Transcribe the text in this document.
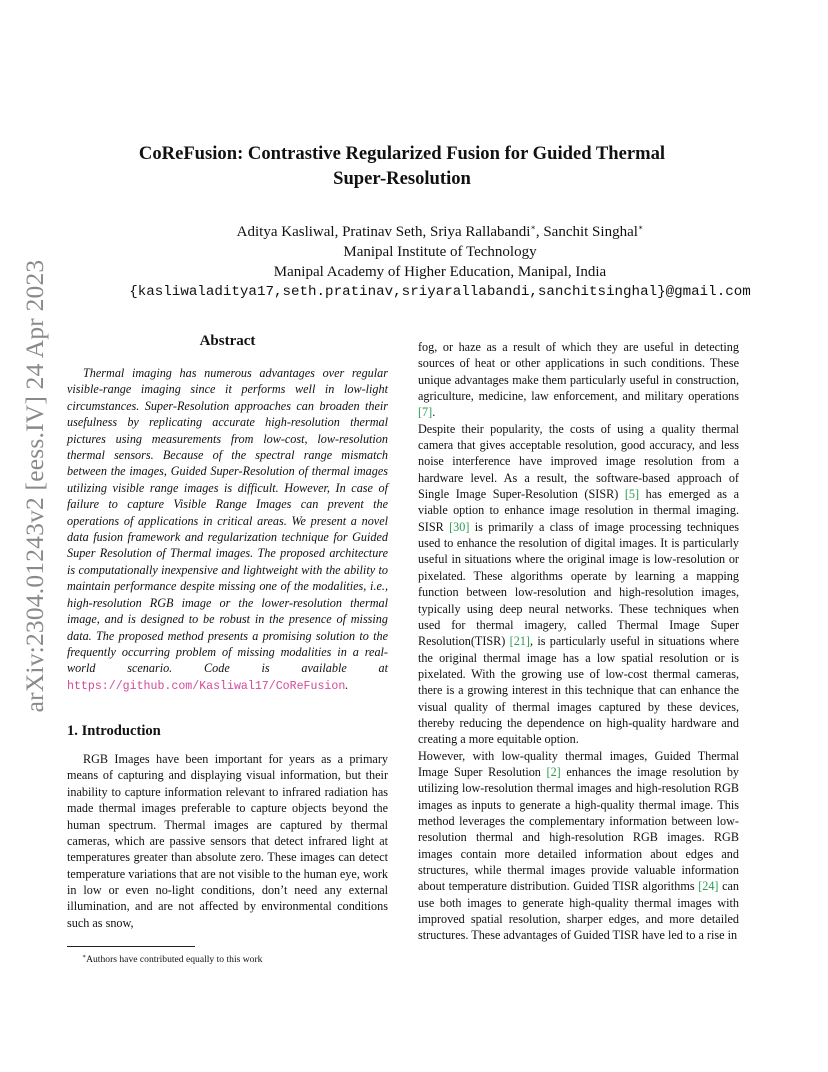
arXiv:2304.01243v2 [eess.IV] 24 Apr 2023
CoReFusion: Contrastive Regularized Fusion for Guided Thermal
Super-Resolution
Aditya Kasliwal, Pratinav Seth, Sriya Rallabandi∗, Sanchit Singhal∗
Manipal Institute of Technology
Manipal Academy of Higher Education, Manipal, India
{kasliwaladitya17,seth.pratinav,sriyarallabandi,sanchitsinghal}@gmail.com
Abstract

Thermal imaging has numerous advantages over regular visible-range imaging since it performs well in low-light circumstances. Super-Resolution approaches can broaden their usefulness by replicating accurate high-resolution thermal pictures using measurements from low-cost, low-resolution thermal sensors. Because of the spectral range mismatch between the images, Guided Super-Resolution of thermal images utilizing visible range images is difficult. However, In case of failure to capture Visible Range Images can prevent the operations of applications in critical areas. We present a novel data fusion framework and regularization technique for Guided Super Resolution of Thermal images. The proposed architecture is computationally inexpensive and lightweight with the ability to maintain performance despite missing one of the modalities, i.e., high-resolution RGB image or the lower-resolution thermal image, and is designed to be robust in the presence of missing data. The proposed method presents a promising solution to the frequently occurring problem of missing modalities in a real-world scenario. Code is available at https://github.com/Kasliwal17/CoReFusion.

1. Introduction

RGB Images have been important for years as a primary means of capturing and displaying visual information, but their inability to capture information relevant to infrared radiation has made thermal images preferable to capture objects beyond the human spectrum. Thermal images are captured by thermal cameras, which are passive sensors that detect infrared light at temperatures greater than absolute zero. These images can detect temperature variations that are not visible to the human eye, work in low or even no-light conditions, don’t need any external illumination, and are not affected by environmental conditions such as snow,

∗Authors have contributed equally to this work

fog, or haze as a result of which they are useful in detecting sources of heat or other applications in such conditions. These unique advantages make them particularly useful in construction, agriculture, medicine, law enforcement, and military operations [7].

Despite their popularity, the costs of using a quality thermal camera that gives acceptable resolution, good accuracy, and less noise interference have improved image resolution from a hardware level. As a result, the software-based approach of Single Image Super-Resolution (SISR) [5] has emerged as a viable option to enhance image resolution in thermal imaging. SISR [30] is primarily a class of image processing techniques used to enhance the resolution of digital images. It is particularly useful in situations where the original image is low-resolution or pixelated. These algorithms operate by learning a mapping function between low-resolution and high-resolution images, typically using deep neural networks. These techniques when used for thermal imagery, called Thermal Image Super Resolution(TISR) [21], is particularly useful in situations where the original thermal image has a low spatial resolution or is pixelated. With the growing use of low-cost thermal cameras, there is a growing interest in this technique that can enhance the visual quality of thermal images captured by these devices, thereby reducing the dependence on high-quality hardware and creating a more equitable option.

However, with low-quality thermal images, Guided Thermal Image Super Resolution [2] enhances the image resolution by utilizing low-resolution thermal images and high-resolution RGB images as inputs to generate a high-quality thermal image. This method leverages the complementary information between low-resolution thermal and high-resolution RGB images. RGB images contain more detailed information about edges and structures, while thermal images provide valuable information about temperature distribution. Guided TISR algorithms [24] can use both images to generate high-quality thermal images with improved spatial resolution, sharper edges, and more detailed structures. These advantages of Guided TISR have led to a rise in
